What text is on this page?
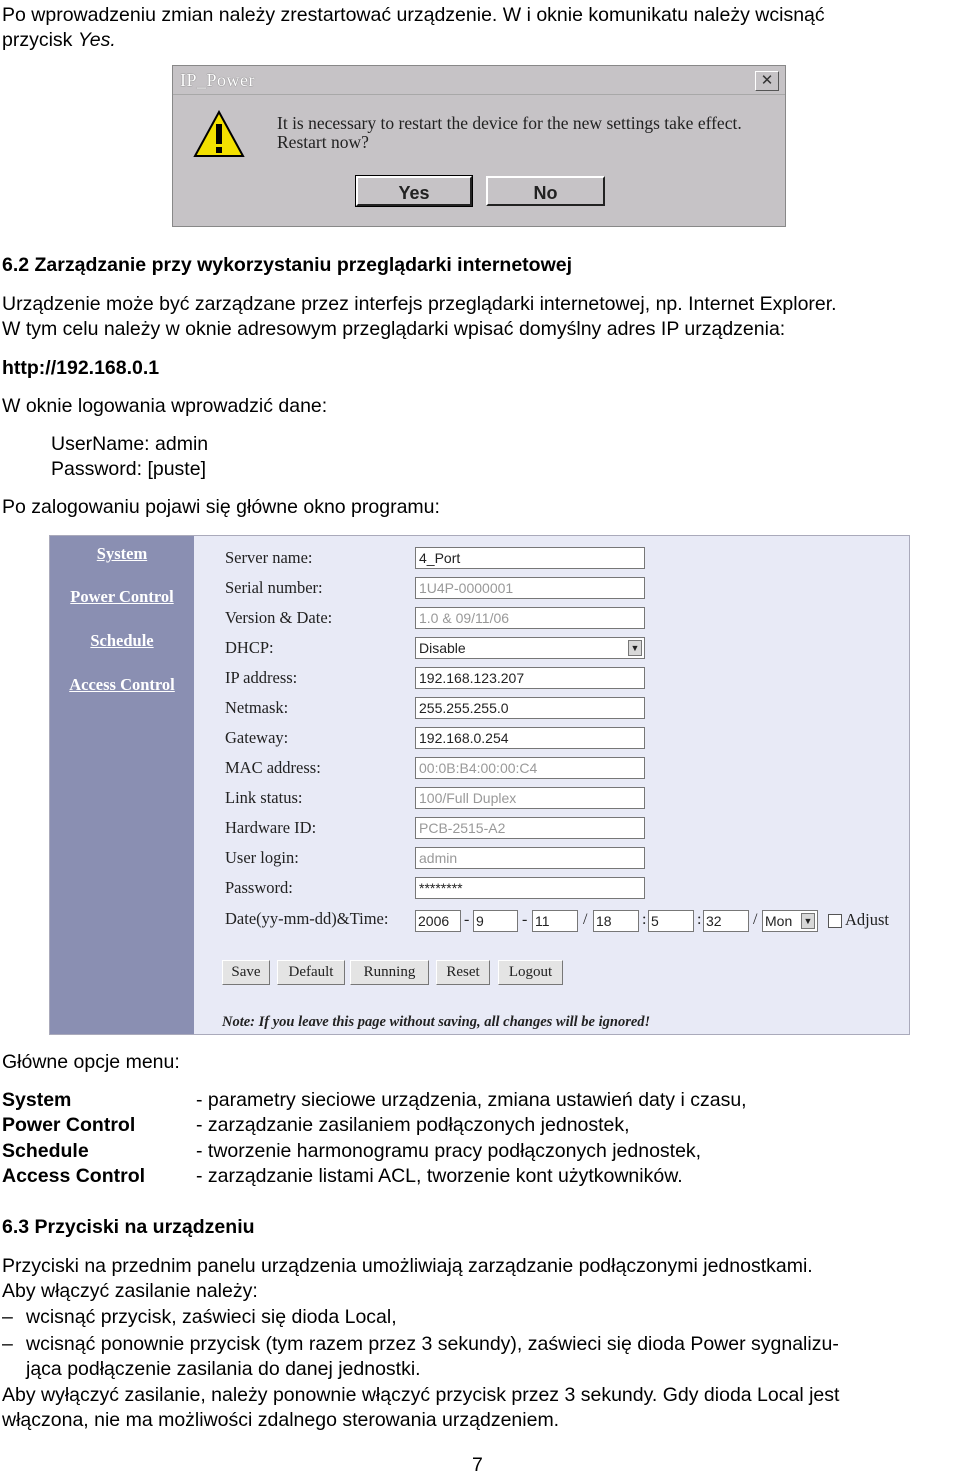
Po wprowadzeniu zmian należy zrestartować urządzenie. W i oknie komunikatu należy wcisnąć
przycisk Yes.
IP_Power	✕
It is necessary to restart the device for the new settings take effect.
Restart now?
Yes	No
6.2 Zarządzanie przy wykorzystaniu przeglądarki internetowej
Urządzenie może być zarządzane przez interfejs przeglądarki internetowej, np. Internet Explorer.
W tym celu należy w oknie adresowym przeglądarki wpisać domyślny adres IP urządzenia:
http://192.168.0.1
W oknie logowania wprowadzić dane:
UserName: admin
Password: [puste]
Po zalogowaniu pojawi się główne okno programu:
System
Power Control
Schedule
Access Control
Server name:	4_Port
Serial number:	1U4P-0000001
Version & Date:	1.0 & 09/11/06
DHCP:	Disable	▼
IP address:	192.168.123.207
Netmask:	255.255.255.0
Gateway:	192.168.0.254
MAC address:	00:0B:B4:00:00:C4
Link status:	100/Full Duplex
Hardware ID:	PCB-2515-A2
User login:	admin
Password:	********
Date(yy-mm-dd)&Time: 2006 - 9	- 11	/ 18	: 5	: 32	/ Mon ▼ Adjust
Save	Default	Running	Reset	Logout
Note: If you leave this page without saving, all changes will be ignored!
Główne opcje menu:
System	- parametry sieciowe urządzenia, zmiana ustawień daty i czasu,
Power Control	- zarządzanie zasilaniem podłączonych jednostek,
Schedule	- tworzenie harmonogramu pracy podłączonych jednostek,
Access Control	- zarządzanie listami ACL, tworzenie kont użytkowników.
6.3 Przyciski na urządzeniu
Przyciski na przednim panelu urządzenia umożliwiają zarządzanie podłączonymi jednostkami.
Aby włączyć zasilanie należy:
– wcisnąć przycisk, zaświeci się dioda Local,
– wcisnąć ponownie przycisk (tym razem przez 3 sekundy), zaświeci się dioda Power sygnalizu-
jąca podłączenie zasilania do danej jednostki.
Aby wyłączyć zasilanie, należy ponownie włączyć przycisk przez 3 sekundy. Gdy dioda Local jest
włączona, nie ma możliwości zdalnego sterowania urządzeniem.
7
